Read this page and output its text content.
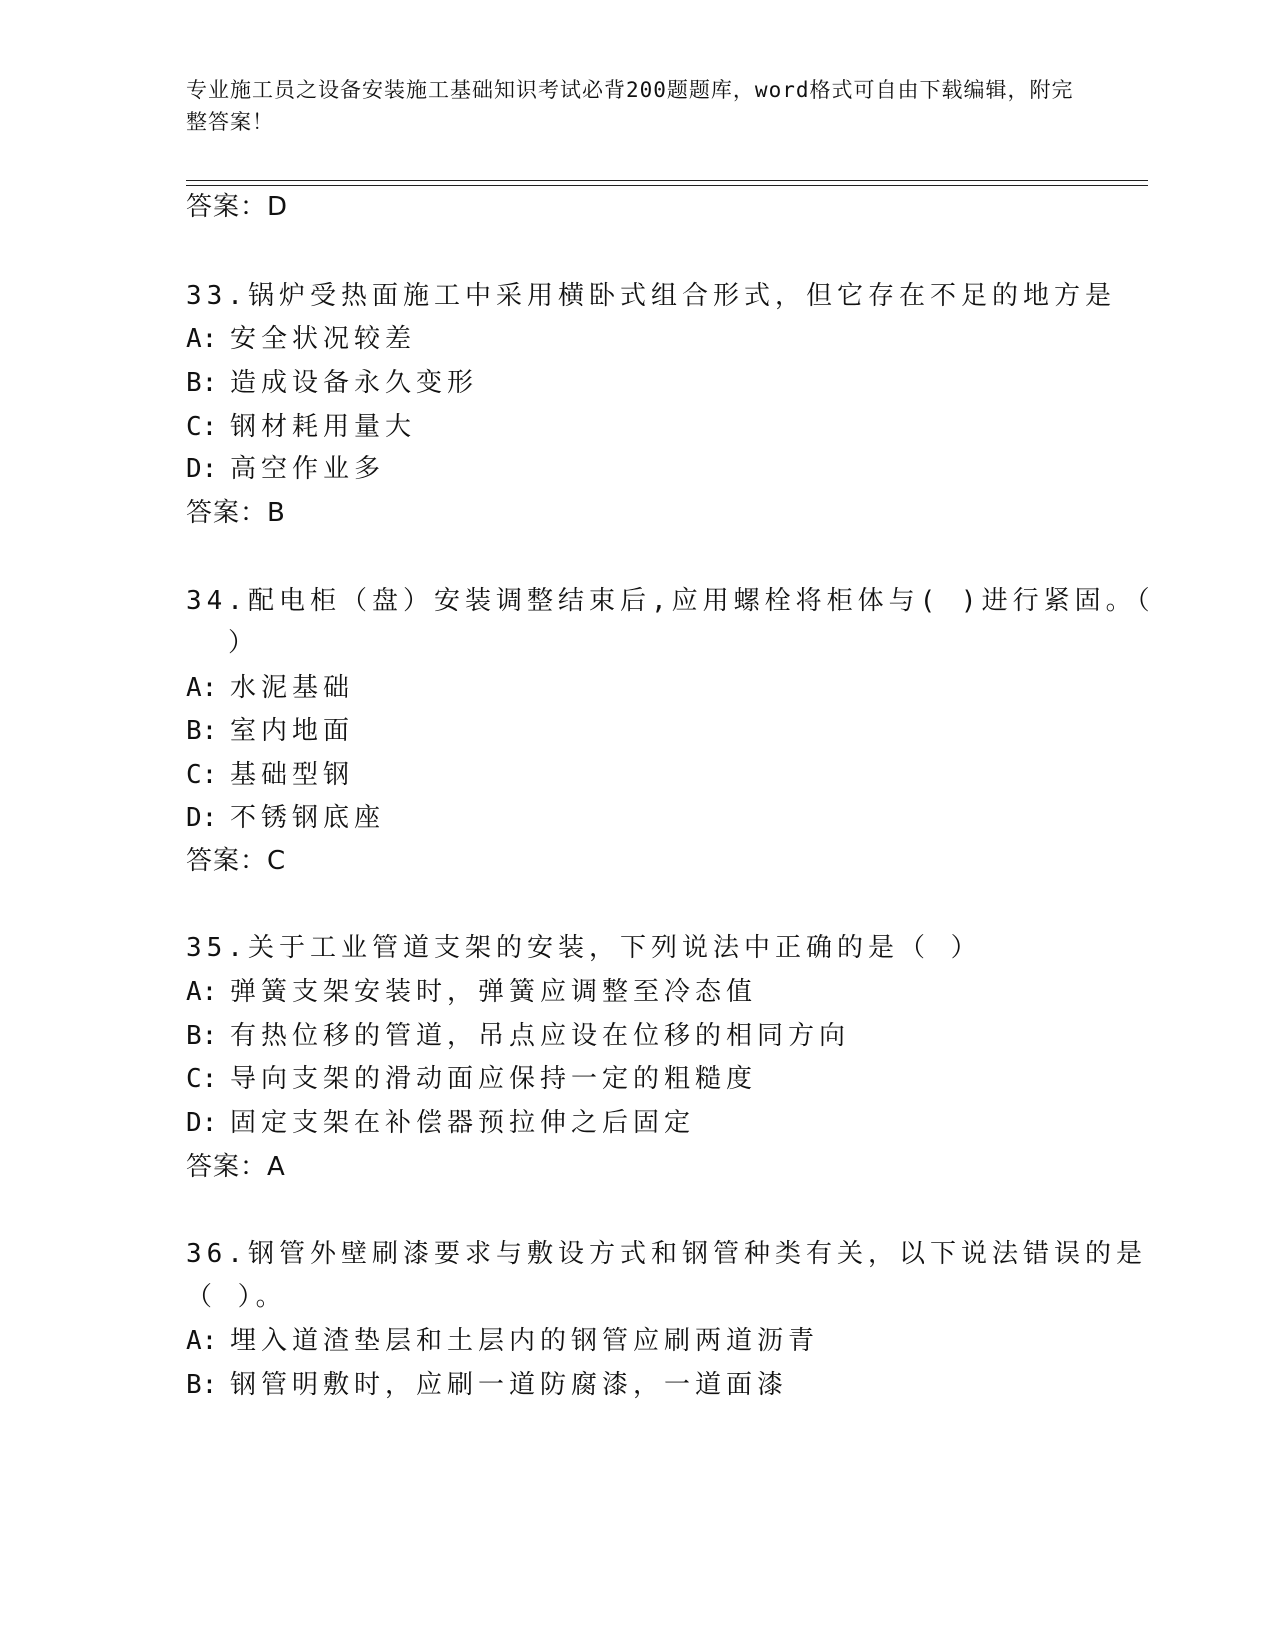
专业施工员之设备安装施工基础知识考试必背200题题库，word格式可自由下载编辑，附完整答案！
答案：D
33.锅炉受热面施工中采用横卧式组合形式，但它存在不足的地方是
A: 安全状况较差
B: 造成设备永久变形
C: 钢材耗用量大
D: 高空作业多
答案：B
34.配电柜（盘）安装调整结束后,应用螺栓将柜体与( )进行紧固。（
）
A: 水泥基础
B: 室内地面
C: 基础型钢
D: 不锈钢底座
答案：C
35.关于工业管道支架的安装，下列说法中正确的是（ ）
A: 弹簧支架安装时，弹簧应调整至冷态值
B: 有热位移的管道，吊点应设在位移的相同方向
C: 导向支架的滑动面应保持一定的粗糙度
D: 固定支架在补偿器预拉伸之后固定
答案：A
36.钢管外壁刷漆要求与敷设方式和钢管种类有关，以下说法错误的是
（ ）。
A: 埋入道渣垫层和土层内的钢管应刷两道沥青
B: 钢管明敷时，应刷一道防腐漆，一道面漆
